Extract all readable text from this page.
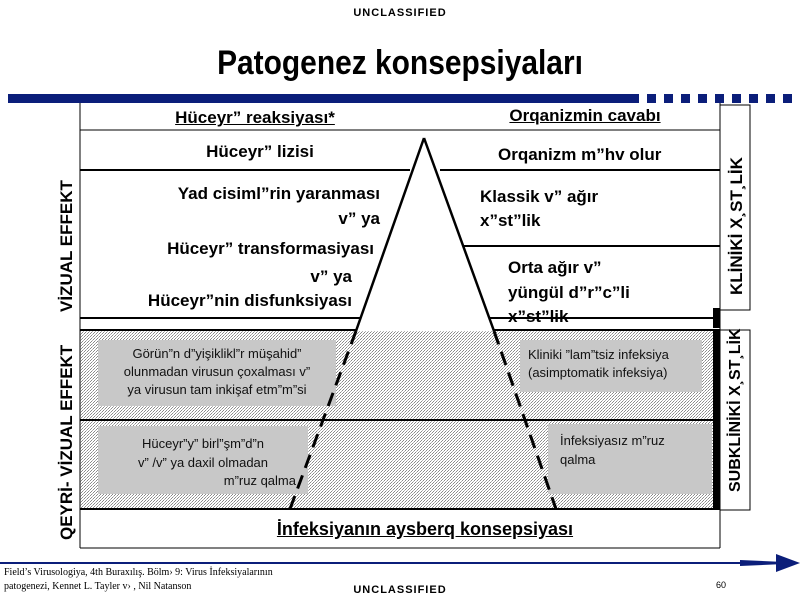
UNCLASSIFIED
Patogenez konsepsiyaları
Hüceyr” reaksiyası*	Orqanizmin cavabı
Hüceyr” lizisi
Yad cisiml”rin yaranması
v” ya
Hüceyr” transformasiyası
v” ya
Hüceyr”nin disfunksiyası
Orqanizm m”hv olur
Klassik v” ağır
x”st”lik
Orta ağır v”
yüngül d”r”c”li
x”st”lik
Görün”n d”yişiklikl”r müşahid”
olunmadan virusun çoxalması v”
ya virusun tam inkişaf etm”m”si
Kliniki ”lam”tsiz infeksiya
(asimptomatik infeksiya)
Hüceyr”y” birl”şm”d”n
v” /v” ya daxil olmadan
m”ruz qalma
İnfeksiyasız m”ruz
qalma
İnfeksiyanın aysberq konsepsiyası
VİZUAL EFFEKT
QEYRİ- VİZUAL EFFEKT
KLİNİKİ X¸ST¸LİK
SUBKLİNİKİ X¸ST¸LİK
Field’s Virusologiya, 4th Buraxılış. Bölm› 9: Virus İnfeksiyalarının
patogenezi, Kennet L. Tayler v› , Nil Natanson	UNCLASSIFIED	60
